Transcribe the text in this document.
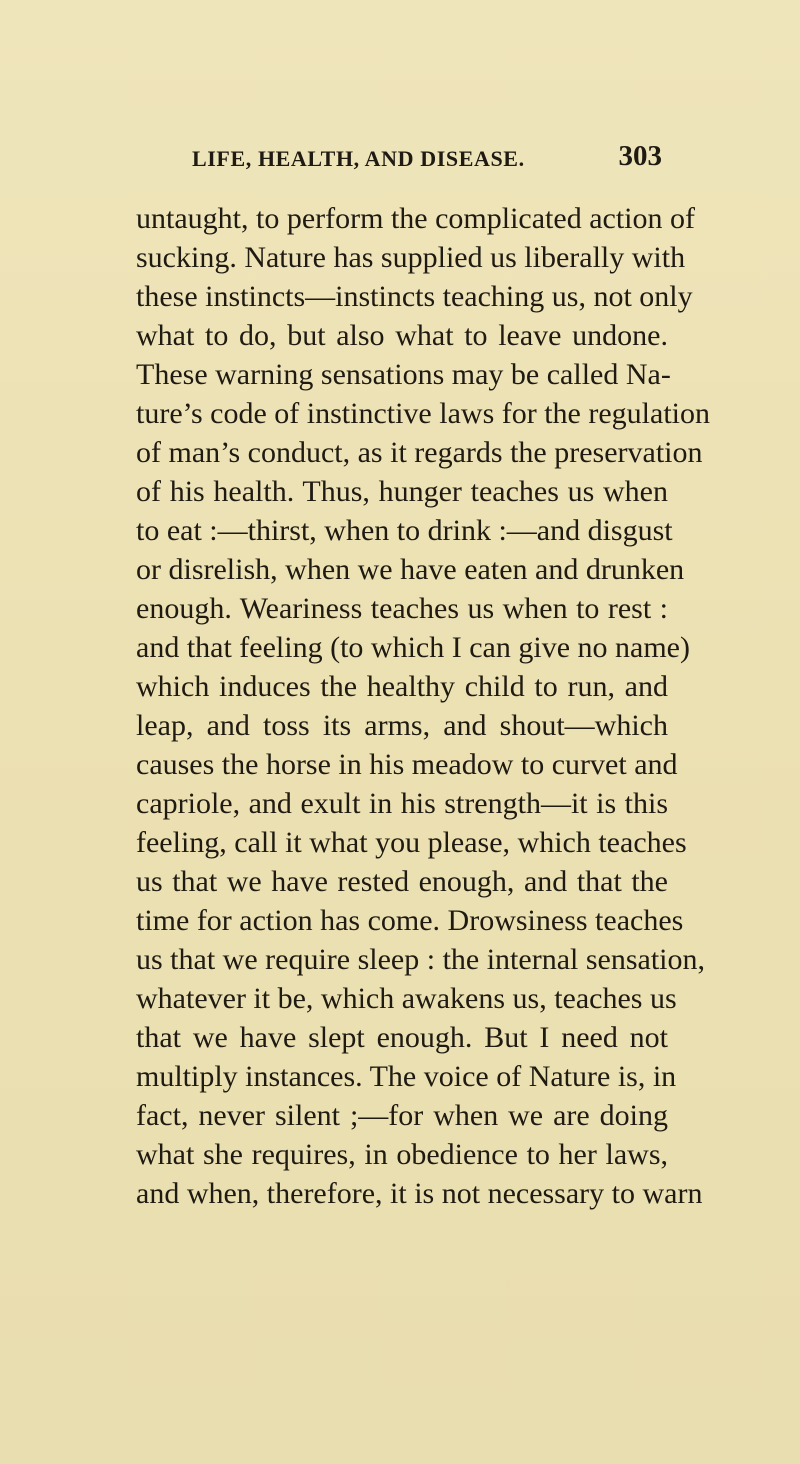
LIFE, HEALTH, AND DISEASE.	303
untaught, to perform the complicated action of
sucking. Nature has supplied us liberally with
these instincts—instincts teaching us, not only
what to do, but also what to leave undone.
These warning sensations may be called Na-
ture’s code of instinctive laws for the regulation
of man’s conduct, as it regards the preservation
of his health. Thus, hunger teaches us when
to eat :—thirst, when to drink :—and disgust
or disrelish, when we have eaten and drunken
enough. Weariness teaches us when to rest :
and that feeling (to which I can give no name)
which induces the healthy child to run, and
leap, and toss its arms, and shout—which
causes the horse in his meadow to curvet and
capriole, and exult in his strength—it is this
feeling, call it what you please, which teaches
us that we have rested enough, and that the
time for action has come. Drowsiness teaches
us that we require sleep : the internal sensation,
whatever it be, which awakens us, teaches us
that we have slept enough. But I need not
multiply instances. The voice of Nature is, in
fact, never silent ;—for when we are doing
what she requires, in obedience to her laws,
and when, therefore, it is not necessary to warn
